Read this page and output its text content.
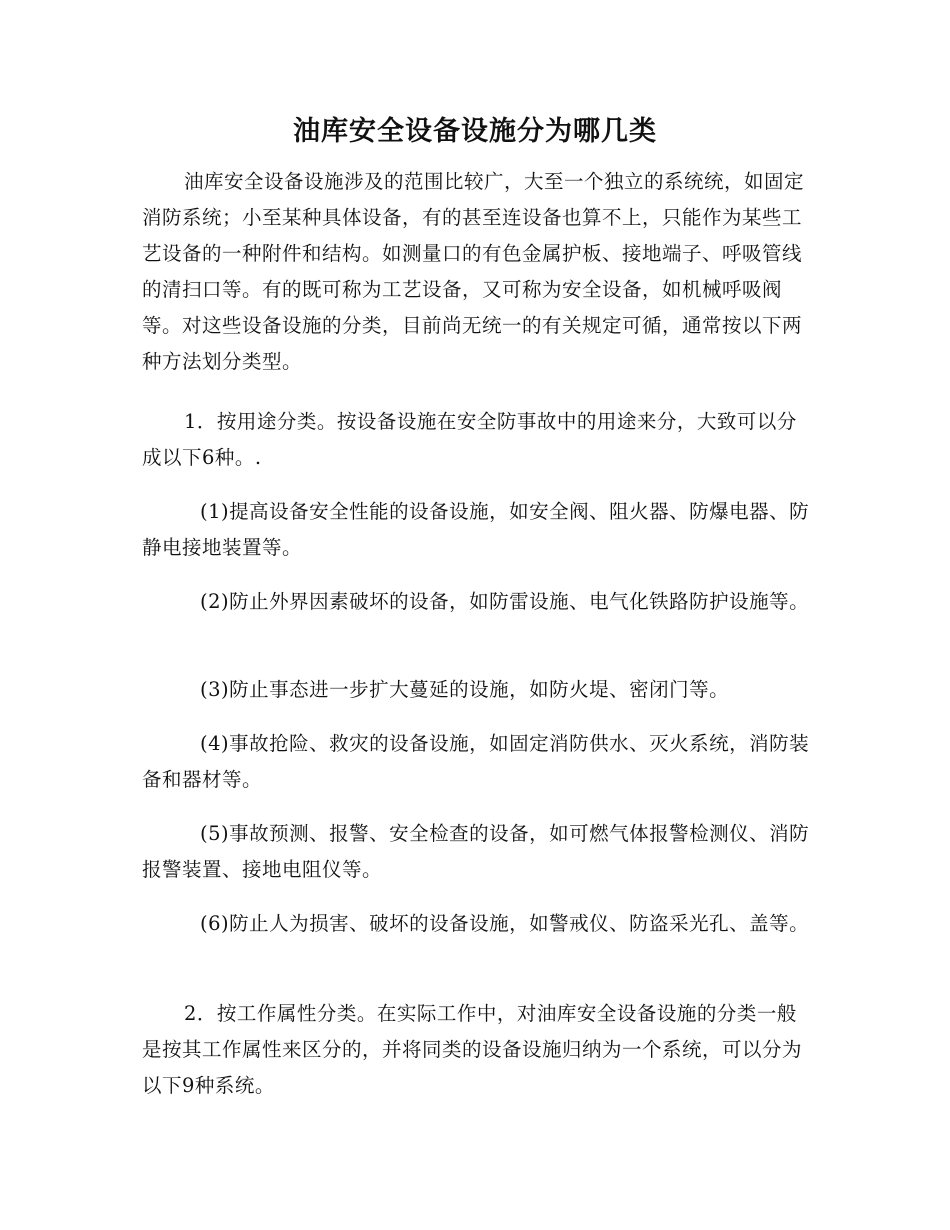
油库安全设备设施分为哪几类

油库安全设备设施涉及的范围比较广，大至一个独立的系统统，如固定消防系统；小至某种具体设备，有的甚至连设备也算不上，只能作为某些工艺设备的一种附件和结构。如测量口的有色金属护板、接地端子、呼吸管线的清扫口等。有的既可称为工艺设备，又可称为安全设备，如机械呼吸阀等。对这些设备设施的分类，目前尚无统一的有关规定可循，通常按以下两种方法划分类型。

1．按用途分类。按设备设施在安全防事故中的用途来分，大致可以分成以下6种。.

(1)提高设备安全性能的设备设施，如安全阀、阻火器、防爆电器、防静电接地装置等。

(2)防止外界因素破坏的设备，如防雷设施、电气化铁路防护设施等。

(3)防止事态进一步扩大蔓延的设施，如防火堤、密闭门等。

(4)事故抢险、救灾的设备设施，如固定消防供水、灭火系统，消防装备和器材等。

(5)事故预测、报警、安全检查的设备，如可燃气体报警检测仪、消防报警装置、接地电阻仪等。

(6)防止人为损害、破坏的设备设施，如警戒仪、防盗采光孔、盖等。

2．按工作属性分类。在实际工作中，对油库安全设备设施的分类一般是按其工作属性来区分的，并将同类的设备设施归纳为一个系统，可以分为以下9种系统。
